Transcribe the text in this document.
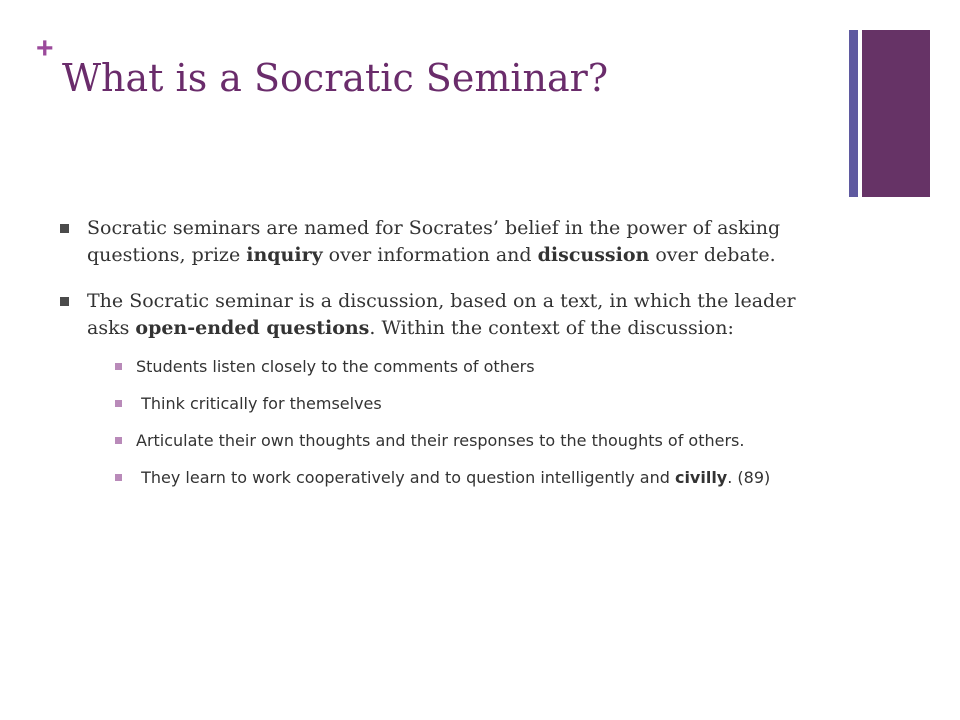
+
What is a Socratic Seminar?
Socratic seminars are named for Socrates’ belief in the power of asking questions, prize inquiry over information and discussion over debate.
The Socratic seminar is a discussion, based on a text, in which the leader asks open-ended questions. Within the context of the discussion:
Students listen closely to the comments of others
Think critically for themselves
Articulate their own thoughts and their responses to the thoughts of others.
They learn to work cooperatively and to question intelligently and civilly. (89)
